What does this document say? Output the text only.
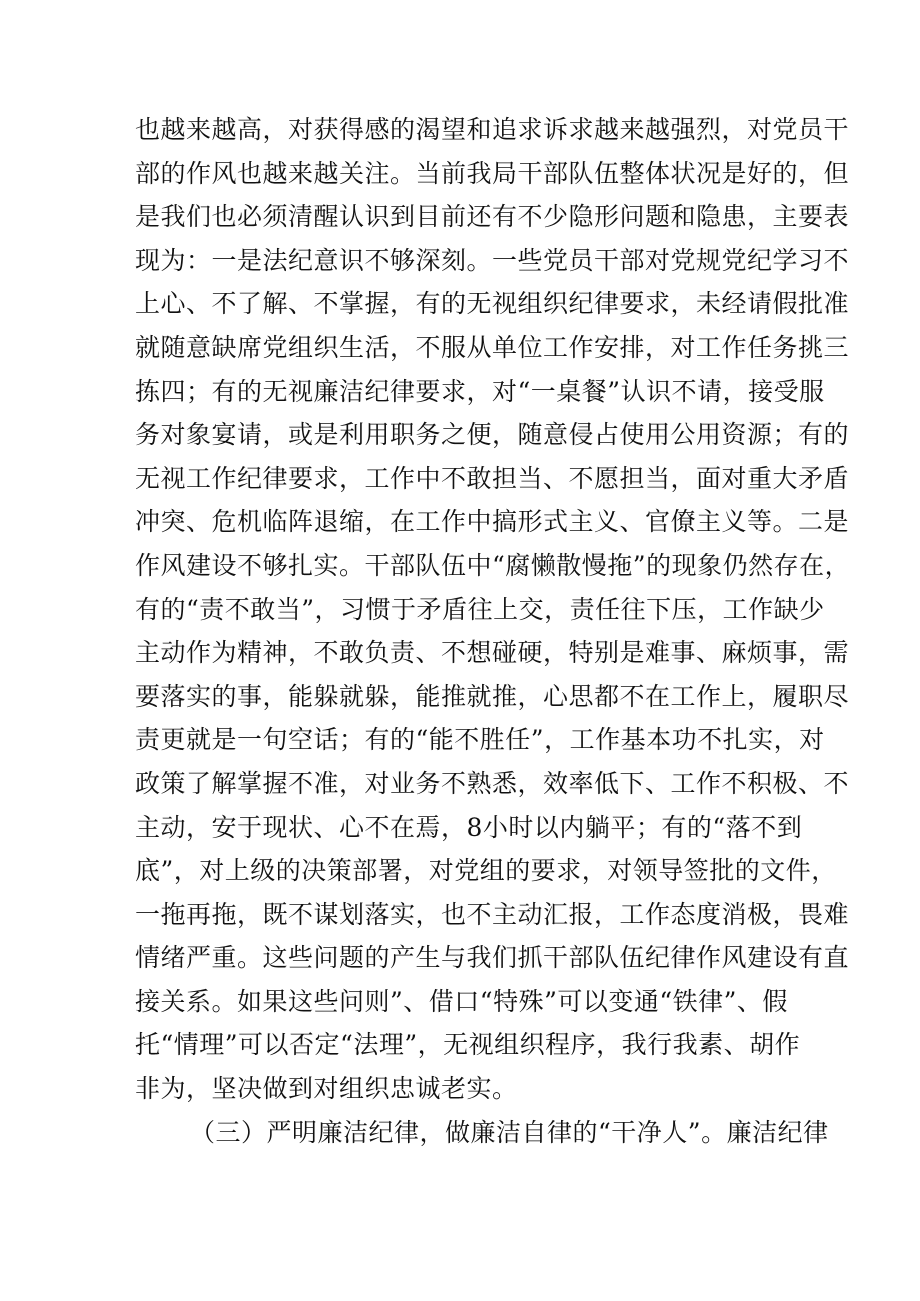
也越来越高，对获得感的渴望和追求诉求越来越强烈，对党员干
部的作风也越来越关注。当前我局干部队伍整体状况是好的，但
是我们也必须清醒认识到目前还有不少隐形问题和隐患，主要表
现为：一是法纪意识不够深刻。一些党员干部对党规党纪学习不
上心、不了解、不掌握，有的无视组织纪律要求，未经请假批准
就随意缺席党组织生活，不服从单位工作安排，对工作任务挑三
拣四；有的无视廉洁纪律要求，对“一桌餐”认识不请，接受服
务对象宴请，或是利用职务之便，随意侵占使用公用资源；有的
无视工作纪律要求，工作中不敢担当、不愿担当，面对重大矛盾
冲突、危机临阵退缩，在工作中搞形式主义、官僚主义等。二是
作风建设不够扎实。干部队伍中“腐懒散慢拖”的现象仍然存在，
有的“责不敢当”，习惯于矛盾往上交，责任往下压，工作缺少
主动作为精神，不敢负责、不想碰硬，特别是难事、麻烦事，需
要落实的事，能躲就躲，能推就推，心思都不在工作上，履职尽
责更就是一句空话；有的“能不胜任”，工作基本功不扎实，对
政策了解掌握不准，对业务不熟悉，效率低下、工作不积极、不
主动，安于现状、心不在焉，8小时以内躺平；有的“落不到
底”，对上级的决策部署，对党组的要求，对领导签批的文件，
一拖再拖，既不谋划落实，也不主动汇报，工作态度消极，畏难
情绪严重。这些问题的产生与我们抓干部队伍纪律作风建设有直
接关系。如果这些问则”、借口“特殊”可以变通“铁律”、假
托“情理”可以否定“法理”，无视组织程序，我行我素、胡作
非为，坚决做到对组织忠诚老实。
（三）严明廉洁纪律，做廉洁自律的“干净人”。廉洁纪律
